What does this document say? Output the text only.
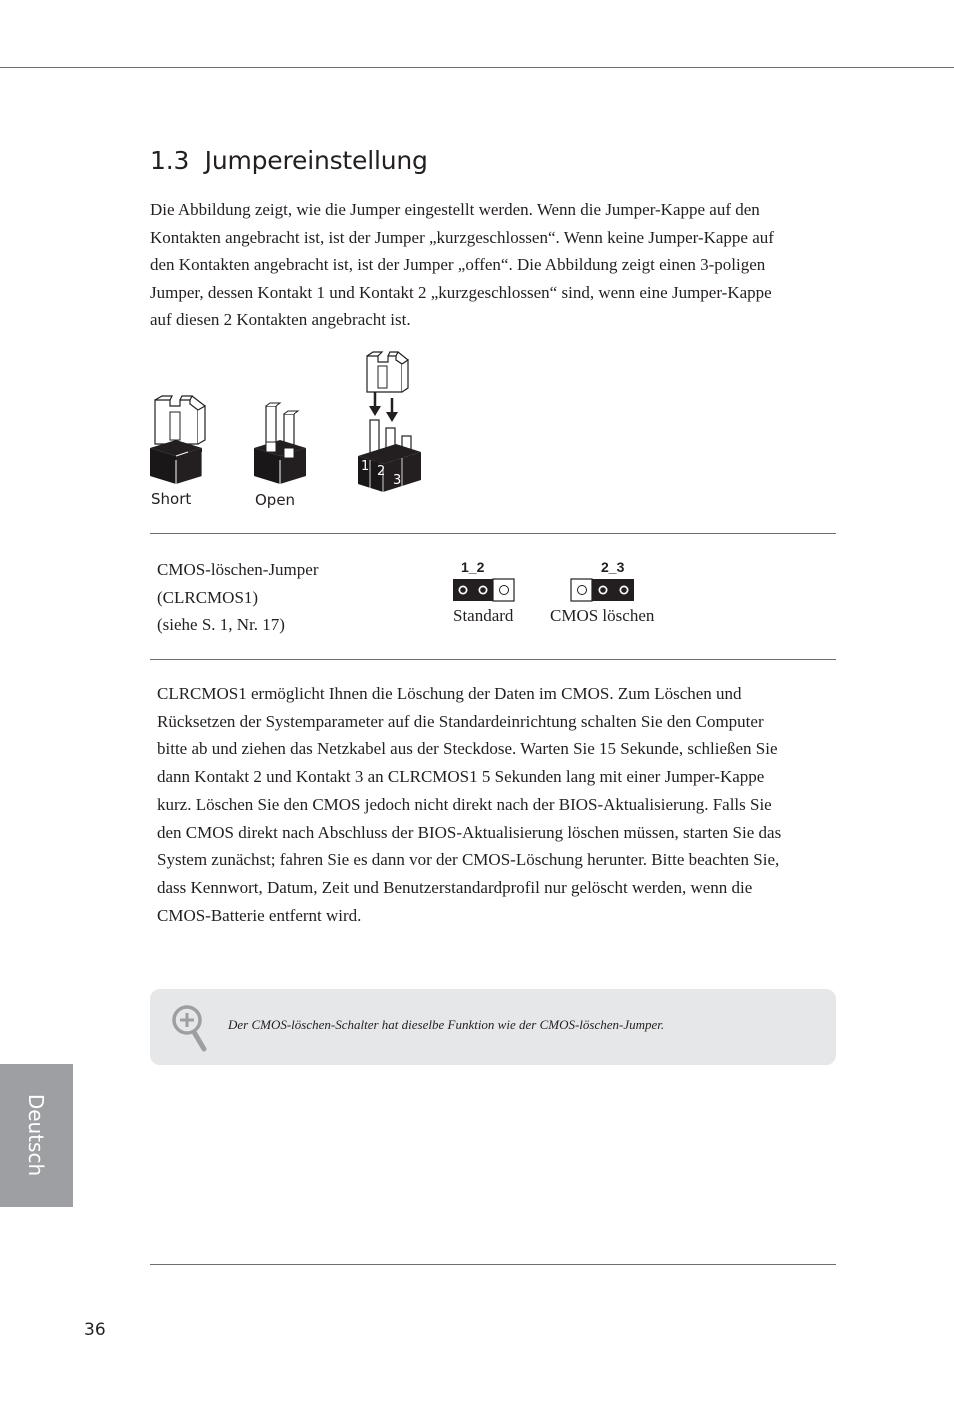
1.3 Jumpereinstellung

Die Abbildung zeigt, wie die Jumper eingestellt werden. Wenn die Jumper-Kappe auf den Kontakten angebracht ist, ist der Jumper „kurzgeschlossen“. Wenn keine Jumper-Kappe auf den Kontakten angebracht ist, ist der Jumper „offen“. Die Abbildung zeigt einen 3-poligen Jumper, dessen Kontakt 1 und Kontakt 2 „kurzgeschlossen“ sind, wenn eine Jumper-Kappe auf diesen 2 Kontakten angebracht ist.

Short	Open
1 2
3
CMOS-löschen-Jumper
(CLRCMOS1)
(siehe S. 1, Nr. 17)
1_2
Standard
2_3
CMOS löschen

CLRCMOS1 ermöglicht Ihnen die Löschung der Daten im CMOS. Zum Löschen und Rücksetzen der Systemparameter auf die Standardeinrichtung schalten Sie den Computer bitte ab und ziehen das Netzkabel aus der Steckdose. Warten Sie 15 Sekunde, schließen Sie dann Kontakt 2 und Kontakt 3 an CLRCMOS1 5 Sekunden lang mit einer Jumper-Kappe kurz. Löschen Sie den CMOS jedoch nicht direkt nach der BIOS-Aktualisierung. Falls Sie den CMOS direkt nach Abschluss der BIOS-Aktualisierung löschen müssen, starten Sie das System zunächst; fahren Sie es dann vor der CMOS-Löschung herunter. Bitte beachten Sie, dass Kennwort, Datum, Zeit und Benutzerstandardprofil nur gelöscht werden, wenn die CMOS-Batterie entfernt wird.

Der CMOS-löschen-Schalter hat dieselbe Funktion wie der CMOS-löschen-Jumper.
Deutsch
36
